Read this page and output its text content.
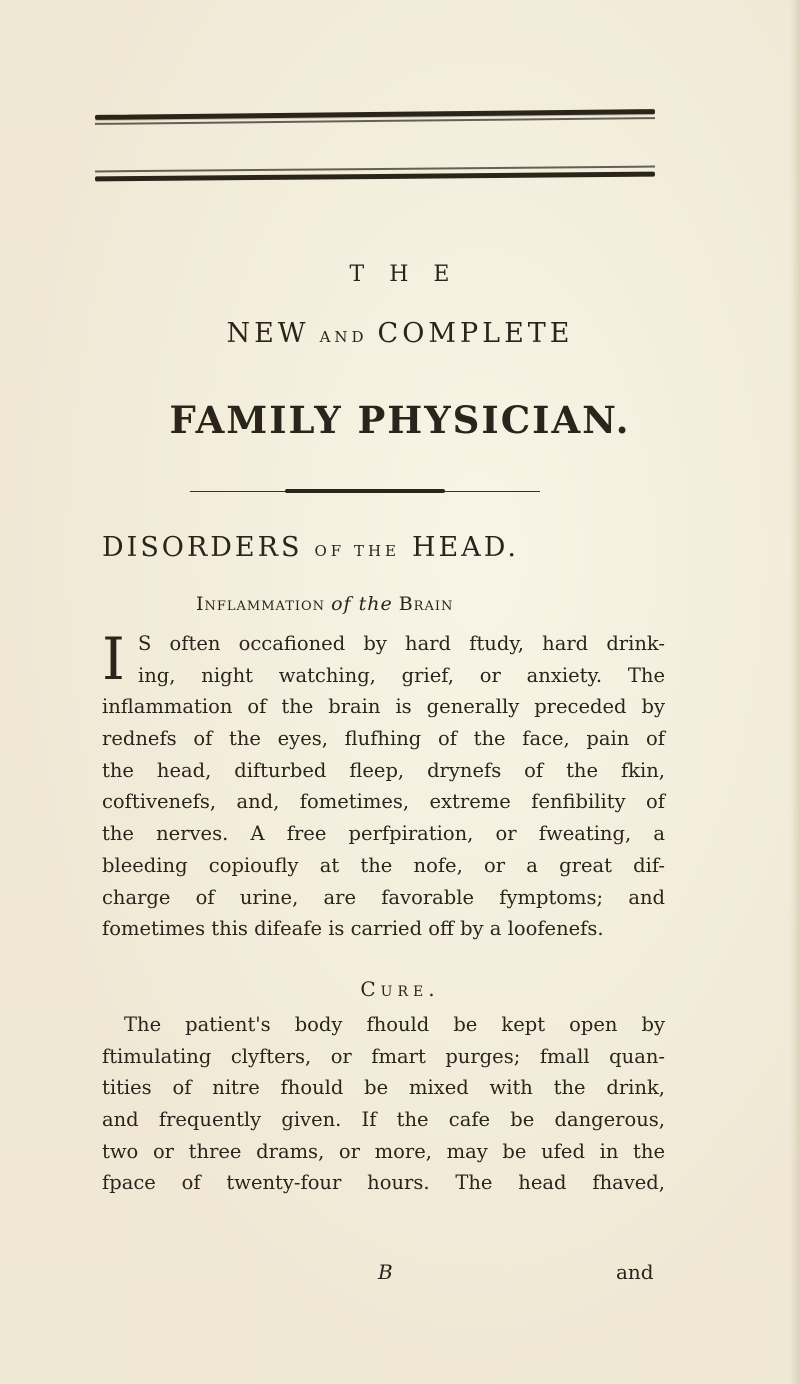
T H E
NEW AND COMPLETE
FAMILY PHYSICIAN.
DISORDERS OF THE HEAD.
Inflammation of the Brain
I S often occafioned by hard ftudy, hard drink-
ing, night watching, grief, or anxiety. The
inflammation of the brain is generally preceded by
rednefs of the eyes, flufhing of the face, pain of
the head, difturbed fleep, drynefs of the fkin,
coftivenefs, and, fometimes, extreme fenfibility of
the nerves. A free perfpiration, or fweating, a
bleeding copioufly at the nofe, or a great dif-
charge of urine, are favorable fymptoms; and
fometimes this difeafe is carried off by a loofenefs.
Cure.
The patient's body fhould be kept open by
ftimulating clyfters, or fmart purges; fmall quan-
tities of nitre fhould be mixed with the drink,
and frequently given. If the cafe be dangerous,
two or three drams, or more, may be ufed in the
fpace of twenty-four hours. The head fhaved,
B	and
